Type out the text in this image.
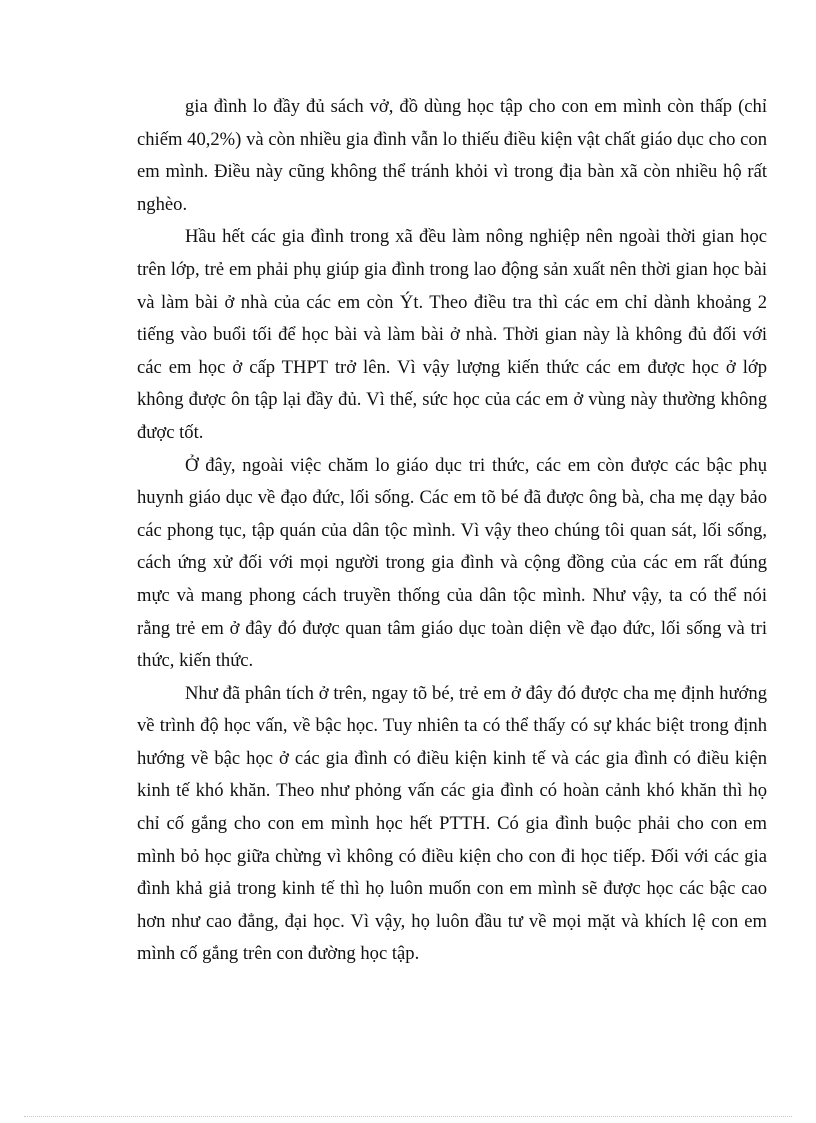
gia đình lo đầy đủ sách vở, đồ dùng học tập cho con em mình còn thấp (chỉ chiếm 40,2%) và còn nhiều gia đình vẫn lo thiếu điều kiện vật chất giáo dục cho con em mình. Điều này cũng không thể tránh khỏi vì trong địa bàn xã còn nhiều hộ rất nghèo.

Hầu hết các gia đình trong xã đều làm nông nghiệp nên ngoài thời gian học trên lớp, trẻ em phải phụ giúp gia đình trong lao động sản xuất nên thời gian học bài và làm bài ở nhà của các em còn Ýt. Theo điều tra thì các em chỉ dành khoảng 2 tiếng vào buổi tối để học bài và làm bài ở nhà. Thời gian này là không đủ đối với các em học ở cấp THPT trở lên. Vì vậy lượng kiến thức các em được học ở lớp không được ôn tập lại đầy đủ. Vì thế, sức học của các em ở vùng này thường không được tốt.

Ở đây, ngoài việc chăm lo giáo dục tri thức, các em còn được các bậc phụ huynh giáo dục về đạo đức, lối sống. Các em tõ bé đã được ông bà, cha mẹ dạy bảo các phong tục, tập quán của dân tộc mình. Vì vậy theo chúng tôi quan sát, lối sống, cách ứng xử đối với mọi người trong gia đình và cộng đồng của các em rất đúng mực và mang phong cách truyền thống của dân tộc mình. Như vậy, ta có thể nói rằng trẻ em ở đây đó được quan tâm giáo dục toàn diện về đạo đức, lối sống và tri thức, kiến thức.

Như đã phân tích ở trên, ngay tõ bé, trẻ em ở đây đó được cha mẹ định hướng về trình độ học vấn, về bậc học. Tuy nhiên ta có thể thấy có sự khác biệt trong định hướng về bậc học ở các gia đình có điều kiện kinh tế và các gia đình có điều kiện kinh tế khó khăn. Theo như phỏng vấn các gia đình có hoàn cảnh khó khăn thì họ chỉ cố gắng cho con em mình học hết PTTH. Có gia đình buộc phải cho con em mình bỏ học giữa chừng vì không có điều kiện cho con đi học tiếp. Đối với các gia đình khả giả trong kinh tế thì họ luôn muốn con em mình sẽ được học các bậc cao hơn như cao đẳng, đại học. Vì vậy, họ luôn đầu tư về mọi mặt và khích lệ con em mình cố gắng trên con đường học tập.
